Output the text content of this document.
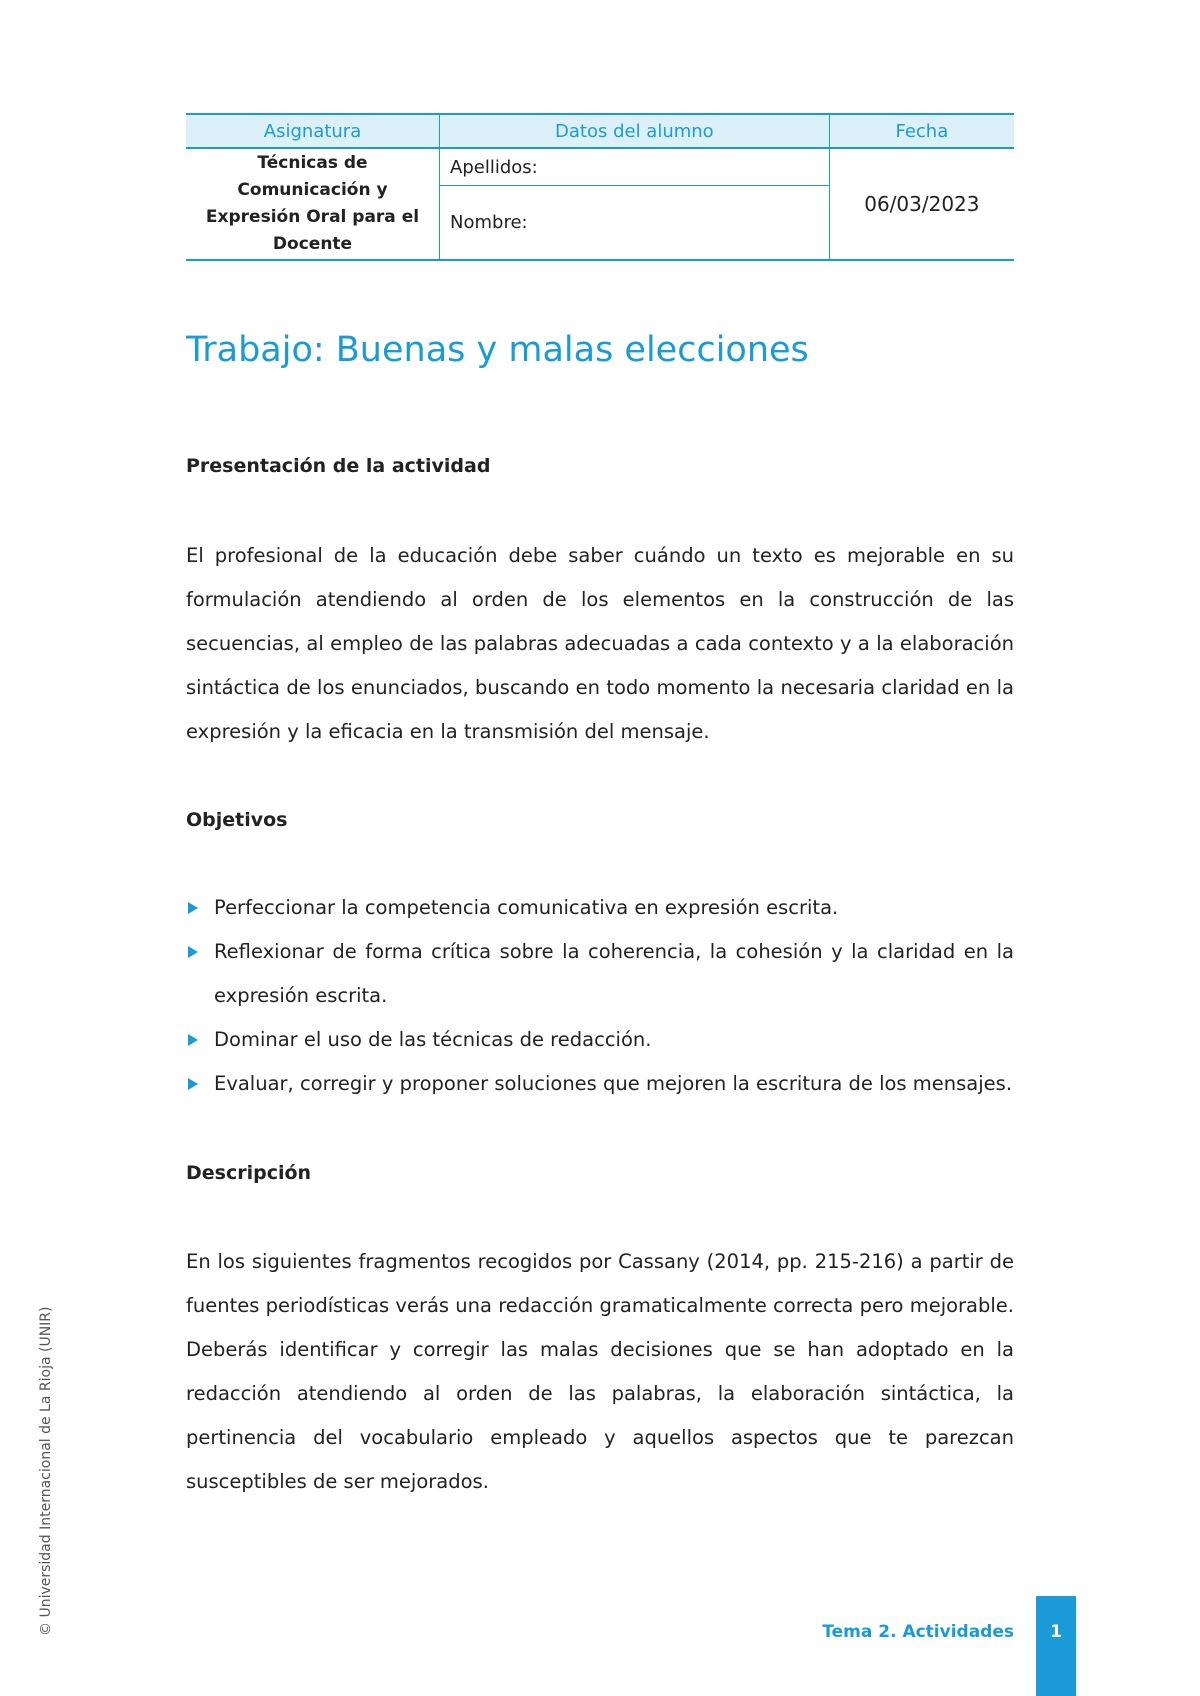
Asignatura	Datos del alumno	Fecha

Técnicas de
Comunicación y
Expresión Oral para el
Docente	Apellidos:	06/03/2023
	Nombre:	
Trabajo: Buenas y malas elecciones
Presentación de la actividad

El profesional de la educación debe saber cuándo un texto es mejorable en su formulación atendiendo al orden de los elementos en la construcción de las secuencias, al empleo de las palabras adecuadas a cada contexto y a la elaboración sintáctica de los enunciados, buscando en todo momento la necesaria claridad en la expresión y la eficacia en la transmisión del mensaje.

Objetivos
Perfeccionar la competencia comunicativa en expresión escrita.
Reflexionar de forma crítica sobre la coherencia, la cohesión y la claridad en la expresión escrita.
Dominar el uso de las técnicas de redacción.
Evaluar, corregir y proponer soluciones que mejoren la escritura de los mensajes.
Descripción

En los siguientes fragmentos recogidos por Cassany (2014, pp. 215-216) a partir de fuentes periodísticas verás una redacción gramaticalmente correcta pero mejorable. Deberás identificar y corregir las malas decisiones que se han adoptado en la redacción atendiendo al orden de las palabras, la elaboración sintáctica, la pertinencia del vocabulario empleado y aquellos aspectos que te parezcan susceptibles de ser mejorados.

© Universidad Internacional de La Rioja (UNIR)	Tema 2. Actividades	1
